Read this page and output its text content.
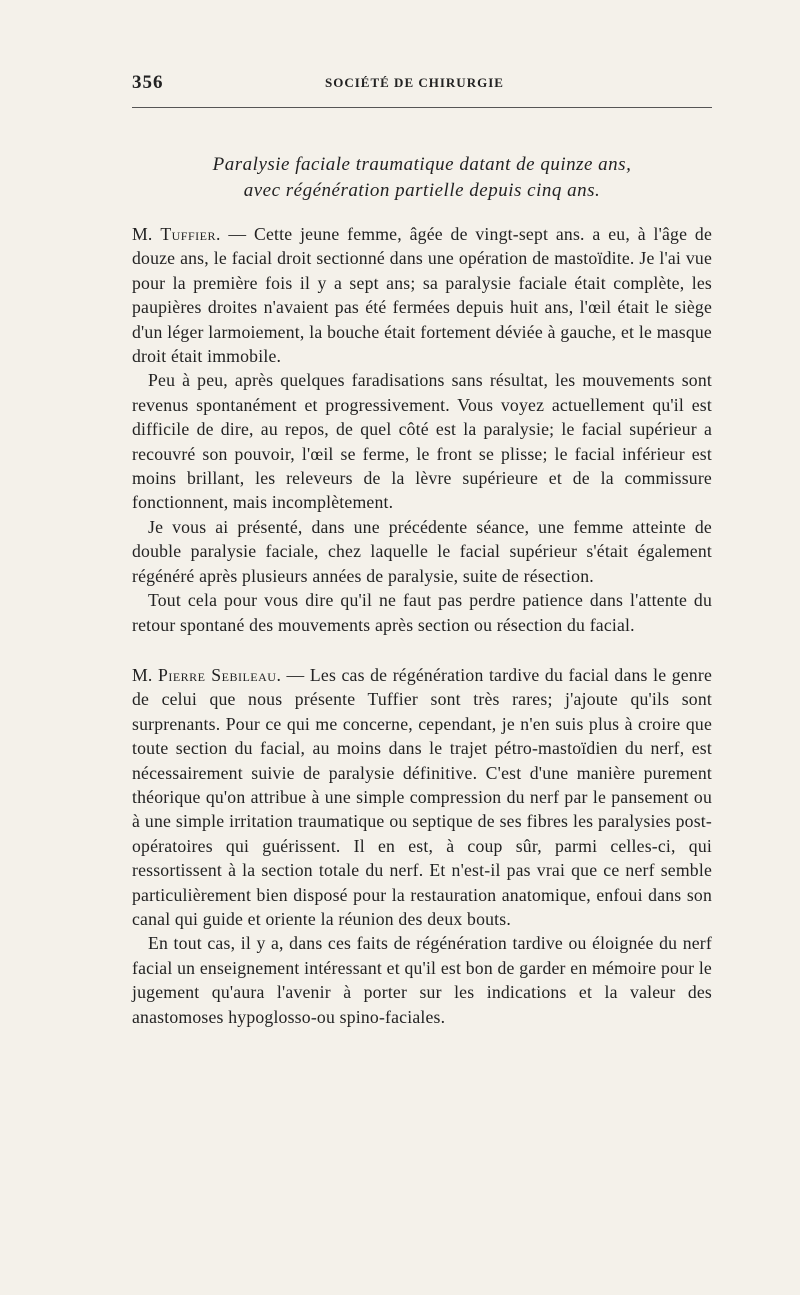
356	SOCIÉTÉ DE CHIRURGIE
Paralysie faciale traumatique datant de quinze ans,
avec régénération partielle depuis cinq ans.

M. Tuffier. — Cette jeune femme, âgée de vingt-sept ans. a eu, à l'âge de douze ans, le facial droit sectionné dans une opération de mastoïdite. Je l'ai vue pour la première fois il y a sept ans; sa paralysie faciale était complète, les paupières droites n'avaient pas été fermées depuis huit ans, l'œil était le siège d'un léger larmoiement, la bouche était fortement déviée à gauche, et le masque droit était immobile.

Peu à peu, après quelques faradisations sans résultat, les mouvements sont revenus spontanément et progressivement. Vous voyez actuellement qu'il est difficile de dire, au repos, de quel côté est la paralysie; le facial supérieur a recouvré son pouvoir, l'œil se ferme, le front se plisse; le facial inférieur est moins brillant, les releveurs de la lèvre supérieure et de la commissure fonctionnent, mais incomplètement.

Je vous ai présenté, dans une précédente séance, une femme atteinte de double paralysie faciale, chez laquelle le facial supérieur s'était également régénéré après plusieurs années de paralysie, suite de résection.

Tout cela pour vous dire qu'il ne faut pas perdre patience dans l'attente du retour spontané des mouvements après section ou résection du facial.

M. Pierre Sebileau. — Les cas de régénération tardive du facial dans le genre de celui que nous présente Tuffier sont très rares; j'ajoute qu'ils sont surprenants. Pour ce qui me concerne, cependant, je n'en suis plus à croire que toute section du facial, au moins dans le trajet pétro-mastoïdien du nerf, est nécessairement suivie de paralysie définitive. C'est d'une manière purement théorique qu'on attribue à une simple compression du nerf par le pansement ou à une simple irritation traumatique ou septique de ses fibres les paralysies post-opératoires qui guérissent. Il en est, à coup sûr, parmi celles-ci, qui ressortissent à la section totale du nerf. Et n'est-il pas vrai que ce nerf semble particulièrement bien disposé pour la restauration anatomique, enfoui dans son canal qui guide et oriente la réunion des deux bouts.

En tout cas, il y a, dans ces faits de régénération tardive ou éloignée du nerf facial un enseignement intéressant et qu'il est bon de garder en mémoire pour le jugement qu'aura l'avenir à porter sur les indications et la valeur des anastomoses hypoglosso-ou spino-faciales.
